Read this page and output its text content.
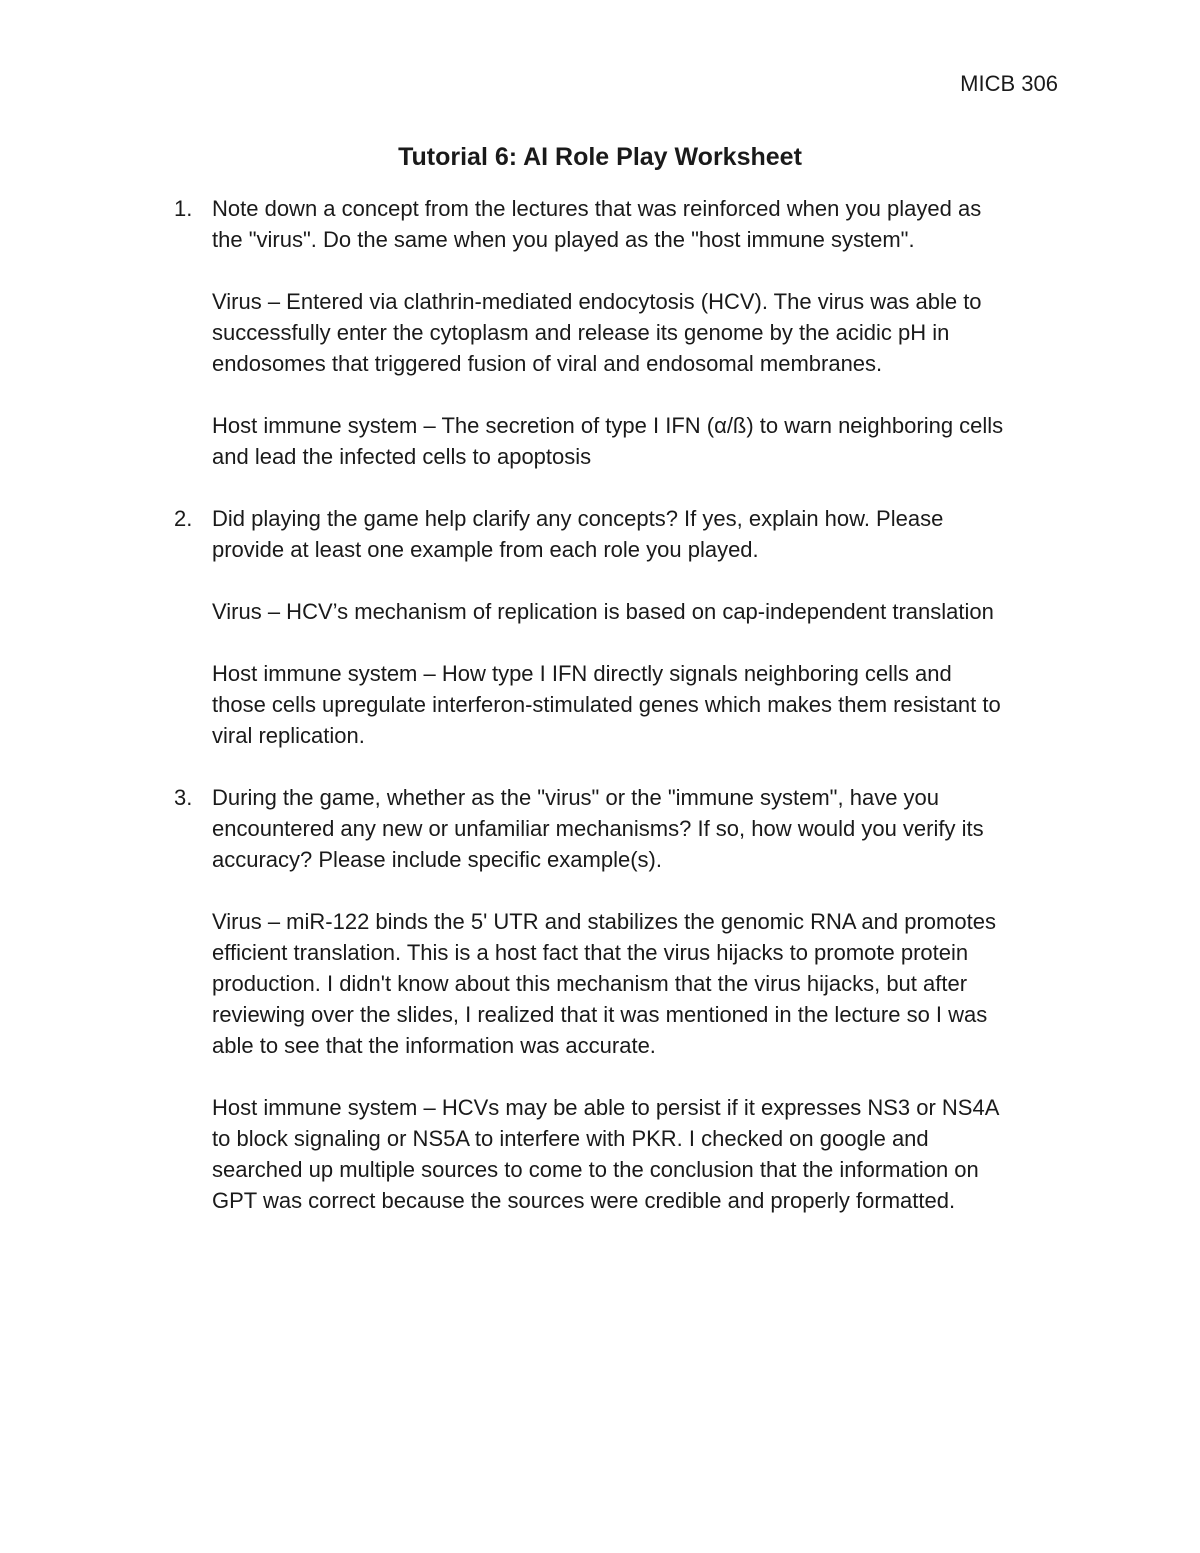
MICB 306
Tutorial 6: AI Role Play Worksheet
1. Note down a concept from the lectures that was reinforced when you played as
the "virus". Do the same when you played as the "host immune system".
Virus – Entered via clathrin-mediated endocytosis (HCV). The virus was able to
successfully enter the cytoplasm and release its genome by the acidic pH in
endosomes that triggered fusion of viral and endosomal membranes.
Host immune system – The secretion of type I IFN (α/ß) to warn neighboring cells
and lead the infected cells to apoptosis
2. Did playing the game help clarify any concepts? If yes, explain how. Please
provide at least one example from each role you played.
Virus – HCV’s mechanism of replication is based on cap-independent translation
Host immune system – How type I IFN directly signals neighboring cells and
those cells upregulate interferon-stimulated genes which makes them resistant to
viral replication.
3. During the game, whether as the "virus" or the "immune system", have you
encountered any new or unfamiliar mechanisms? If so, how would you verify its
accuracy? Please include specific example(s).
Virus – miR-122 binds the 5' UTR and stabilizes the genomic RNA and promotes
efficient translation. This is a host fact that the virus hijacks to promote protein
production. I didn't know about this mechanism that the virus hijacks, but after
reviewing over the slides, I realized that it was mentioned in the lecture so I was
able to see that the information was accurate.
Host immune system – HCVs may be able to persist if it expresses NS3 or NS4A
to block signaling or NS5A to interfere with PKR. I checked on google and
searched up multiple sources to come to the conclusion that the information on
GPT was correct because the sources were credible and properly formatted.
